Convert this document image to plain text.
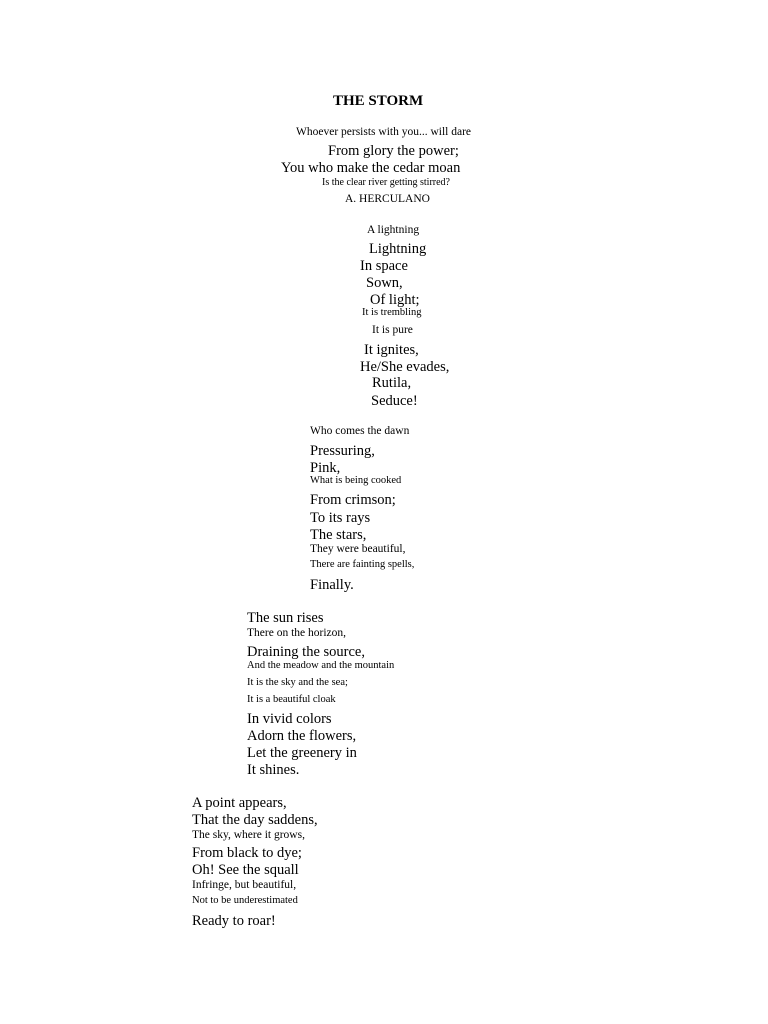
THE STORM
Whoever persists with you... will dare
From glory the power;
You who make the cedar moan
Is the clear river getting stirred?
A. HERCULANO
A lightning
Lightning
In space
Sown,
Of light;
It is trembling
It is pure
It ignites,
He/She evades,
Rutila,
Seduce!
Who comes the dawn
Pressuring,
Pink,
What is being cooked
From crimson;
To its rays
The stars,
They were beautiful,
There are fainting spells,
Finally.
The sun rises
There on the horizon,
Draining the source,
And the meadow and the mountain
It is the sky and the sea;
It is a beautiful cloak
In vivid colors
Adorn the flowers,
Let the greenery in
It shines.
A point appears,
That the day saddens,
The sky, where it grows,
From black to dye;
Oh! See the squall
Infringe, but beautiful,
Not to be underestimated
Ready to roar!
